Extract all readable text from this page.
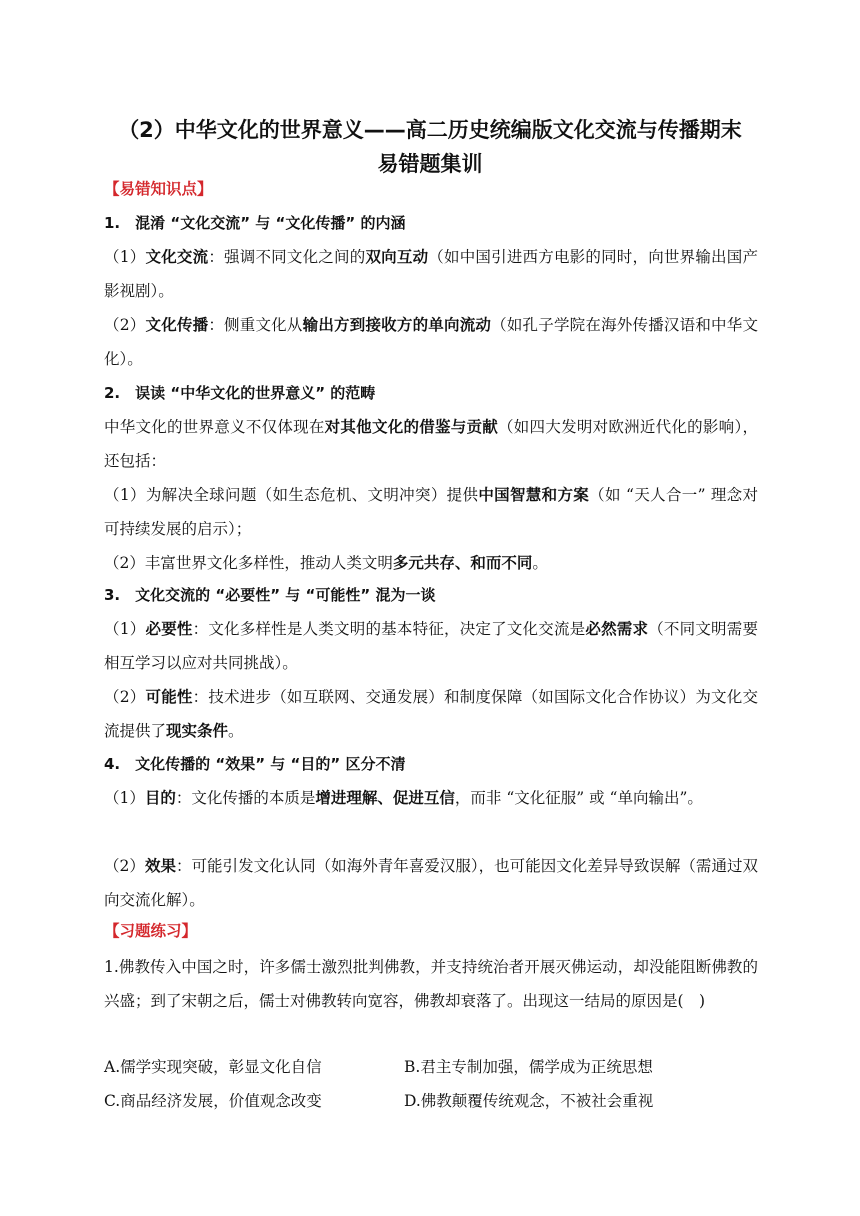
（2）中华文化的世界意义——高二历史统编版文化交流与传播期末
易错题集训
【易错知识点】
1.　混淆 “文化交流” 与 “文化传播” 的内涵
（1）文化交流：强调不同文化之间的双向互动（如中国引进西方电影的同时，向世界输出国产影视剧）。
（2）文化传播：侧重文化从输出方到接收方的单向流动（如孔子学院在海外传播汉语和中华文化）。
2.　误读 “中华文化的世界意义” 的范畴
中华文化的世界意义不仅体现在对其他文化的借鉴与贡献（如四大发明对欧洲近代化的影响），还包括：
（1）为解决全球问题（如生态危机、文明冲突）提供中国智慧和方案（如 “天人合一” 理念对可持续发展的启示）；
（2）丰富世界文化多样性，推动人类文明多元共存、和而不同。
3.　文化交流的 “必要性” 与 “可能性” 混为一谈
（1）必要性：文化多样性是人类文明的基本特征，决定了文化交流是必然需求（不同文明需要相互学习以应对共同挑战）。
（2）可能性：技术进步（如互联网、交通发展）和制度保障（如国际文化合作协议）为文化交流提供了现实条件。
4.　文化传播的 “效果” 与 “目的” 区分不清
（1）目的：文化传播的本质是增进理解、促进互信，而非 “文化征服” 或 “单向输出”。
（2）效果：可能引发文化认同（如海外青年喜爱汉服），也可能因文化差异导致误解（需通过双向交流化解）。
【习题练习】
1.佛教传入中国之时，许多儒士激烈批判佛教，并支持统治者开展灭佛运动，却没能阻断佛教的兴盛；到了宋朝之后，儒士对佛教转向宽容，佛教却衰落了。出现这一结局的原因是(　)
A.儒学实现突破，彰显文化自信	B.君主专制加强，儒学成为正统思想
C.商品经济发展，价值观念改变	D.佛教颠覆传统观念，不被社会重视
